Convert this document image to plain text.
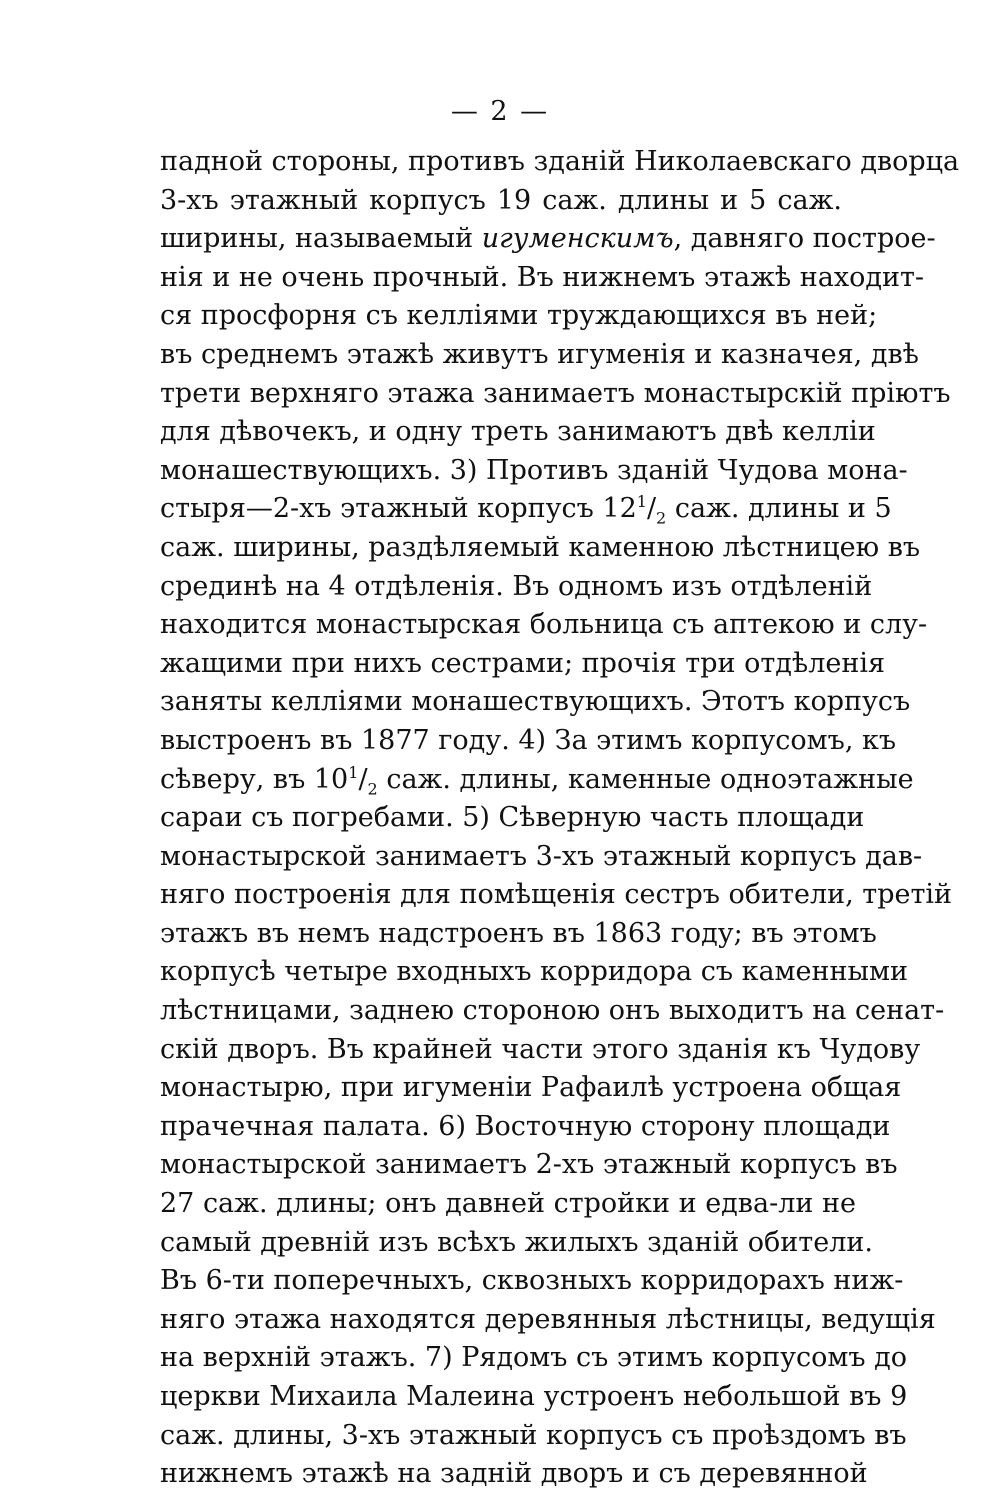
— 2 —
падной стороны, противъ зданій Николаевскаго дворца
3-хъ этажный корпусъ 19 саж. длины и 5 саж.
ширины, называемый игуменскимъ, давняго построе-
нія и не очень прочный. Въ нижнемъ этажѣ находит-
ся просфорня съ келліями труждающихся въ ней;
въ среднемъ этажѣ живутъ игуменія и казначея, двѣ
трети верхняго этажа занимаетъ монастырскій пріютъ
для дѣвочекъ, и одну треть занимаютъ двѣ келліи
монашествующихъ. 3) Противъ зданій Чудова мона-
стыря—2-хъ этажный корпусъ $12^1/_2$ саж. длины и 5
саж. ширины, раздѣляемый каменною лѣстницею въ
срединѣ на 4 отдѣленія. Въ одномъ изъ отдѣленій
находится монастырская больница съ аптекою и слу-
жащими при нихъ сестрами; прочія три отдѣленія
заняты келліями монашествующихъ. Этотъ корпусъ
выстроенъ въ 1877 году. 4) За этимъ корпусомъ, къ
сѣверу, въ $10^1/_2$ саж. длины, каменные одноэтажные
сараи съ погребами. 5) Сѣверную часть площади
монастырской занимаетъ 3-хъ этажный корпусъ дав-
няго построенія для помѣщенія сестръ обители, третій
этажъ въ немъ надстроенъ въ 1863 году; въ этомъ
корпусѣ четыре входныхъ корридора съ каменными
лѣстницами, заднею стороною онъ выходитъ на сенат-
скій дворъ. Въ крайней части этого зданія къ Чудову
монастырю, при игуменіи Рафаилѣ устроена общая
прачечная палата. 6) Восточную сторону площади
монастырской занимаетъ 2-хъ этажный корпусъ въ
27 саж. длины; онъ давней стройки и едва-ли не
самый древній изъ всѣхъ жилыхъ зданій обители.
Въ 6-ти поперечныхъ, сквозныхъ корридорахъ ниж-
няго этажа находятся деревянныя лѣстницы, ведущія
на верхній этажъ. 7) Рядомъ съ этимъ корпусомъ до
церкви Михаила Малеина устроенъ небольшой въ 9
саж. длины, 3-хъ этажный корпусъ съ проѣздомъ въ
нижнемъ этажѣ на задній дворъ и съ деревянной
